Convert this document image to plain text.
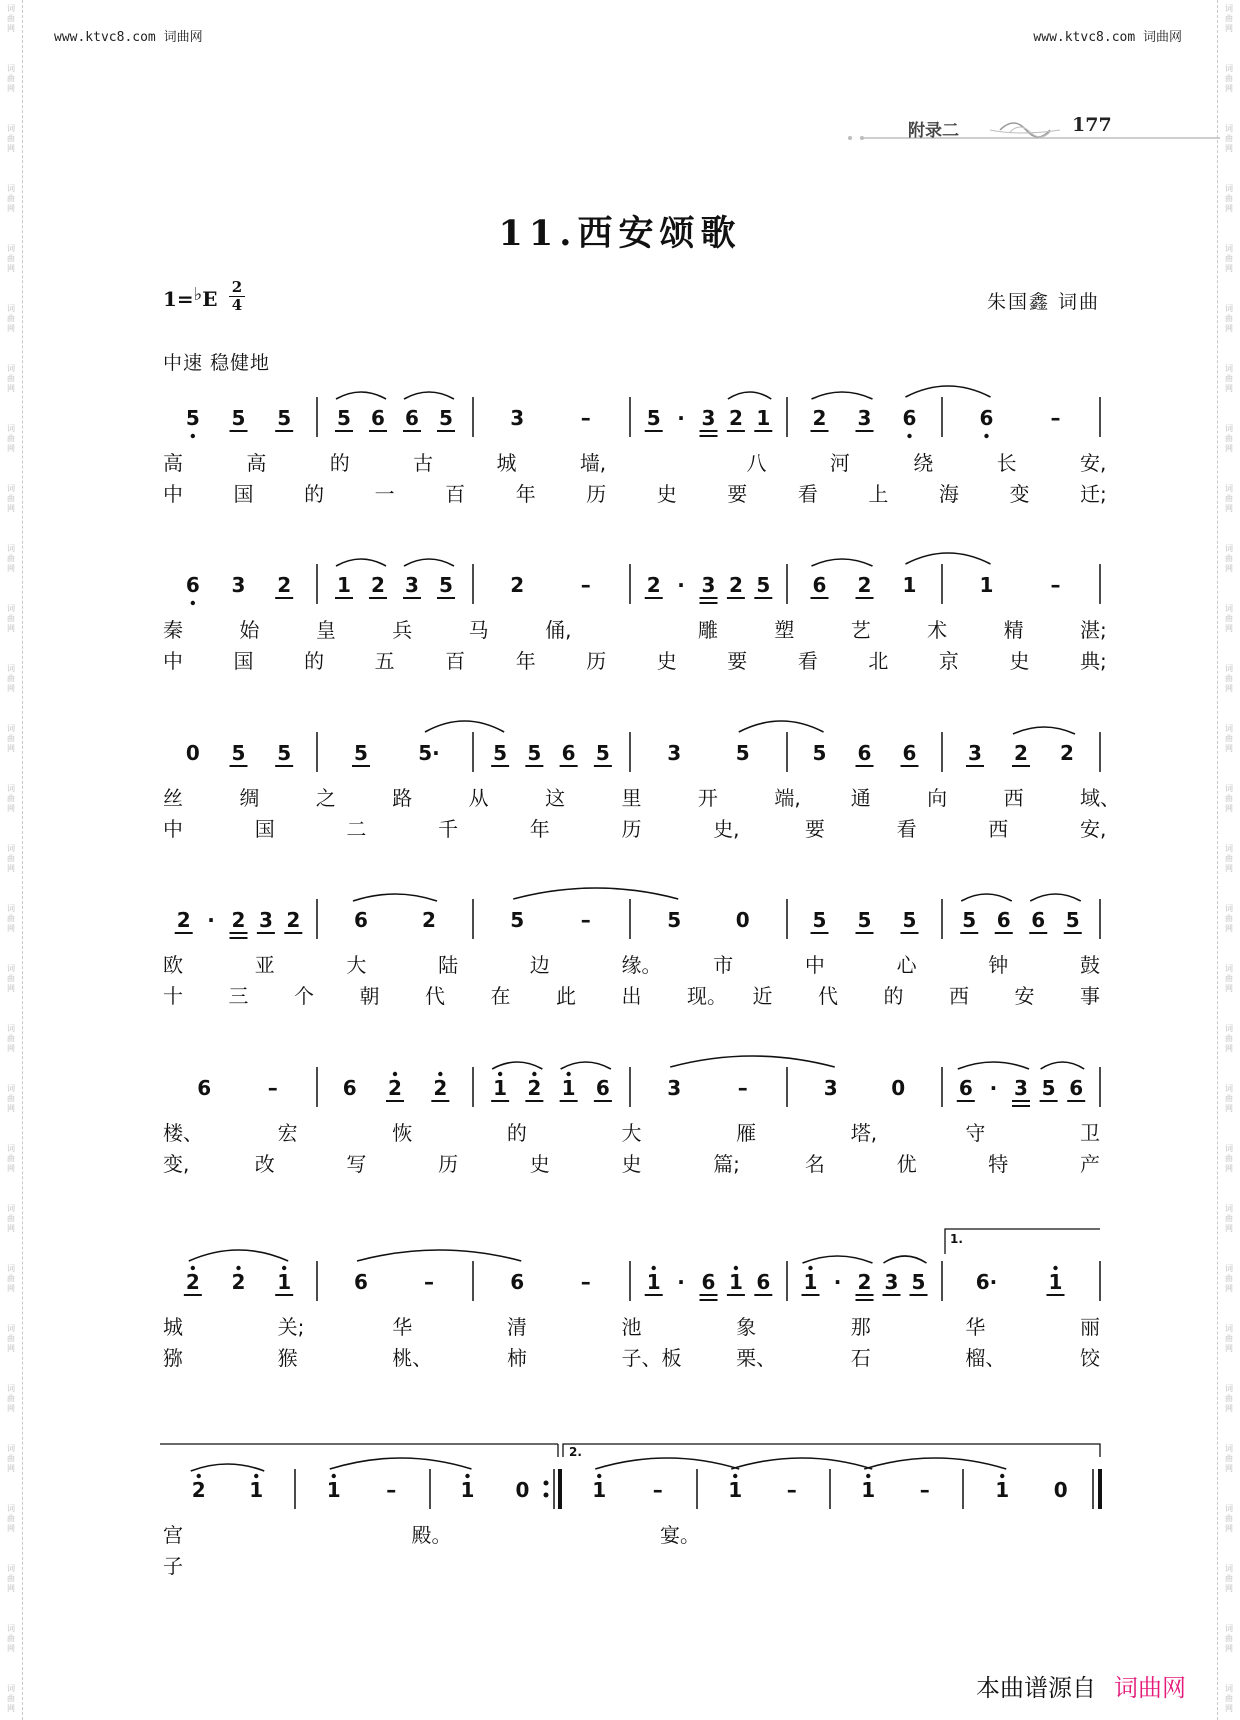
词
曲
网
词
曲
网
词
曲
网
词
曲
网
词
曲
网
词
曲
网
词
曲
网
词
曲
网
词
曲
网
词
曲
网
词
曲
网
词
曲
网
词
曲
网
词
曲
网
词
曲
网
词
曲
网
词
曲
网
词
曲
网
词
曲
网
词
曲
网
词
曲
网
词
曲
网
词
曲
网
词
曲
网
词
曲
网
词
曲
网
词
曲
网
词
曲
网
词
曲
网
词
曲
网
词
曲
网
词
曲
网
词
曲
网
词
曲
网
词
曲
网
词
曲
网
词
曲
网
词
曲
网
词
曲
网
词
曲
网
词
曲
网
词
曲
网
词
曲
网
词
曲
网
词
曲
网
词
曲
网
词
曲
网
词
曲
网
词
曲
网
词
曲
网
词
曲
网
词
曲
网
词
曲
网
词
曲
网
词
曲
网
词
曲
网
词
曲
网
词
曲
网
www.ktvc8.com 词曲网	www.ktvc8.com 词曲网
附录二	177
11.西安颂歌
1=♭E 2
4	朱国鑫 词曲
中速 稳健地
5 5 5 5 6 6 5	3	–	5 · 3 2 1 2 3 6	6	–
高	高	的	古	城	墙,	八	河	绕	长	安,
中	国	的	一	百	年	历	史	要	看	上	海	变	迁;
6 3 2 1 2 3 5	2	–	2 · 3 2 5 6 2 1	1	–
秦	始	皇	兵	马	俑,	雕	塑	艺	术	精	湛;
中	国	的	五	百	年	历	史	要	看	北	京	史	典;
0 5 5	5	5·	5 5 6 5	3	5	5 6 6	3 2 2
丝	绸	之	路	从	这	里	开	端,	通	向	西	域、
中	国	二	千	年	历	史,	要	看	西	安,
2 · 2 3 2	6	2	5	–	5	0	5 5 5 5 6 6 5
欧	亚	大	陆	边	缘。	市	中	心	钟	鼓
十 三 个 朝 代 在 此 出 现。 近 代 的 西 安 事
6	–	6 2 2 1 2 1 6	3	–	3	0	6 · 3 5 6
楼、	宏	恢	的	大	雁	塔,	守	卫
变,	改	写	历	史	史	篇;	名	优	特	产
2 2 1	6	–	6	–	1 · 6 1 6 1 · 2 3 5	6·	1
1.
城	关;	华	清	池	象	那	华	丽
猕	猴	桃、	柿	子、板	栗、	石	榴、	饺
2 1	1 –	1 0	1 –	1 –	1 –	1 0
2.
宫	殿。	宴。
子
本曲谱源自 词曲网
